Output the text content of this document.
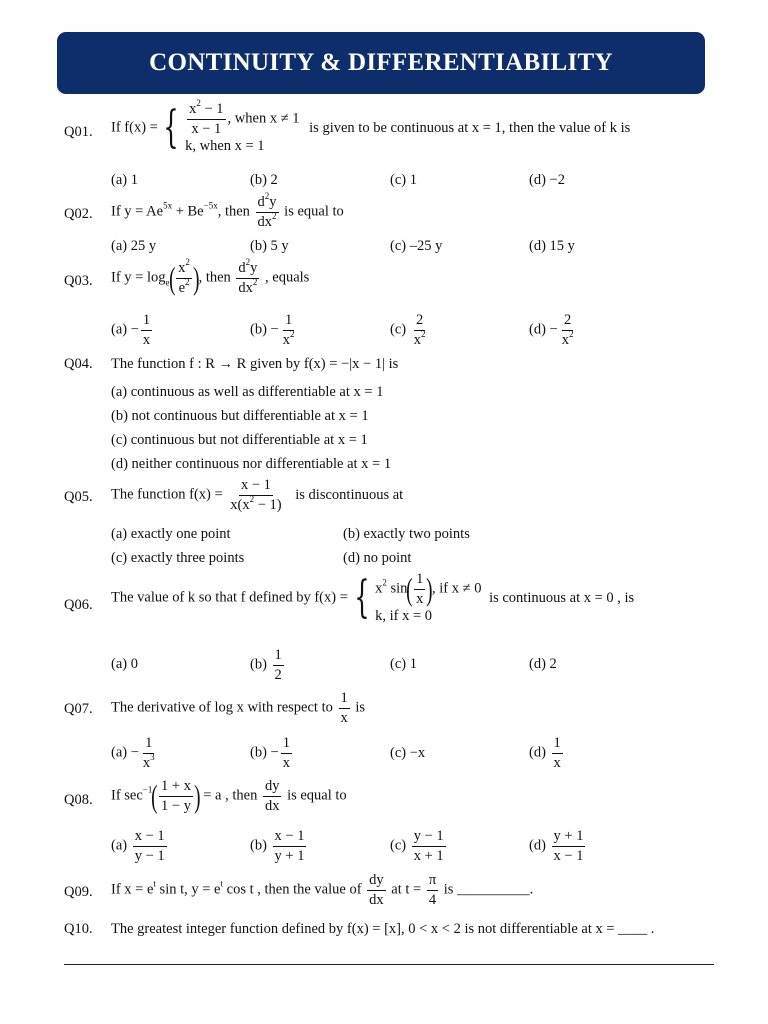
CONTINUITY & DIFFERENTIABILITY
Q01. If f(x) = { $\frac{x^2 - 1}{x - 1}$ , when x ≠ 1
k, when x = 1
is given to be continuous at x = 1, then the value of k is
(a) 1	(b) 2	(c) 1	(d) −2
Q02. If $y = Ae^{5x} + Be^{-5x}$, then $\frac{d^2y}{dx^2}$ is equal to
(a) 25 y	(b) 5 y	(c) –25 y	(d) 15 y
Q03. If $y = \log_e( \frac{x^2}{e^2}$ ), then $\frac{d^2y}{dx^2}$ , equals
$(a) - \frac{1}{x}$	$(b) - \frac{1}{x^2}$	$(c) \frac{2}{x^2}$	$(d) - \frac{2}{x^2}$
Q04. The function f : R → R given by f(x) = −|x − 1| is
(a) continuous as well as differentiable at x = 1
(b) not continuous but differentiable at x = 1
(c) continuous but not differentiable at x = 1
(d) neither continuous nor differentiable at x = 1
Q05. The function $f(x) = \frac{x - 1}{x(x^2 - 1)}$ is discontinuous at
(a) exactly one point	(b) exactly two points
(c) exactly three points	(d) no point
Q06. The value of k so that f defined by f(x) = { $x^2$ $\sin( \frac{1}{x}$ ), if x ≠ 0
k, if x = 0
is continuous at x = 0 , is
(a) 0	$(b) \frac{1}{2}$	(c) 1	(d) 2
Q07. The derivative of log x with respect to $\frac{1}{x}$ is
$(a) - \frac{1}{x^3}$	$(b) - \frac{1}{x}$	(c) −x	$(d) \frac{1}{x}$
Q08. If $\sec^{-1}( \frac{1 + x}{1 - y}$ ) = a , then $\frac{dy}{dx}$ is equal to
$(a) \frac{x - 1}{y - 1}$	$(b) \frac{x - 1}{y + 1}$	$(c) \frac{y - 1}{x + 1}$	$(d) \frac{y + 1}{x - 1}$
Q09. If $x = e^t$ sin t, $y = e^t$ cos t , then the value of $\frac{dy}{dx}$ at $t = \frac{\pi}{4}$ is __________.
Q10. The greatest integer function defined by f(x) = [x], 0 < x < 2 is not differentiable at x = ____ .
